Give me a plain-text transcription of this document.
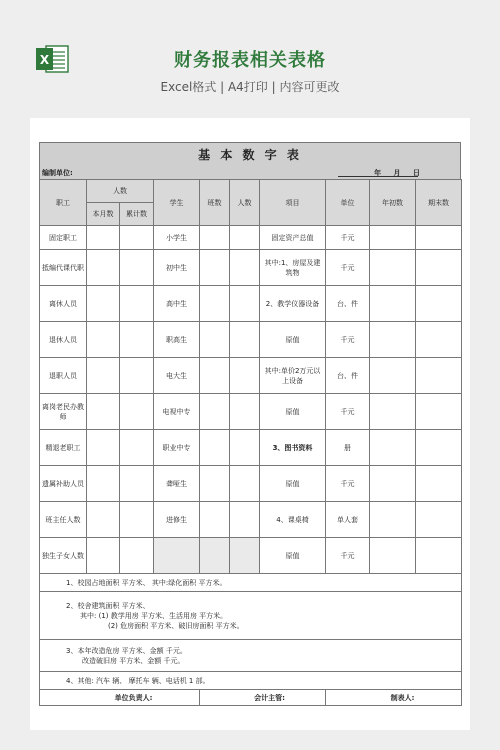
X	财务报表相关表格
Excel格式 | A4打印 | 内容可更改
基 本 数 字 表
编制单位:	年 月 日
职工	人数		学生	班数	人数	项目	单位	年初数	期末数
	本月数	累计数							
固定职工			小学生			固定资产总值	千元		
抵编代课代职			初中生			其中:1、房屋及建筑物	千元		
离休人员			高中生			2、教学仪器设备	台、件		
退休人员			职高生			原值	千元		
退职人员			电大生			其中:单价2万元以上设备	台、件		
离岗老民办教师			电视中专			原值	千元		
精退老职工			职业中专			3、图书资料	册		
遗属补助人员			聋哑生			原值	千元		
班主任人数			进修生			4、课桌椅	单人套		
独生子女人数						原值	千元		

1、校园占地面积 平方米、 其中:绿化面积 平方米。									

2、校舍建筑面积 平方米、
其中: (1) 教学用房 平方米、生活用房 平方米。
(2) 危房面积 平方米、破旧房面积 平方米。									

3、本年改造危房 平方米、金额 千元。
改造破旧房 平方米、金额 千元。									

4、其他: 汽车 辆、 摩托车 辆、电话机 1 部。									

单位负责人:				会计主管:			制表人:		
